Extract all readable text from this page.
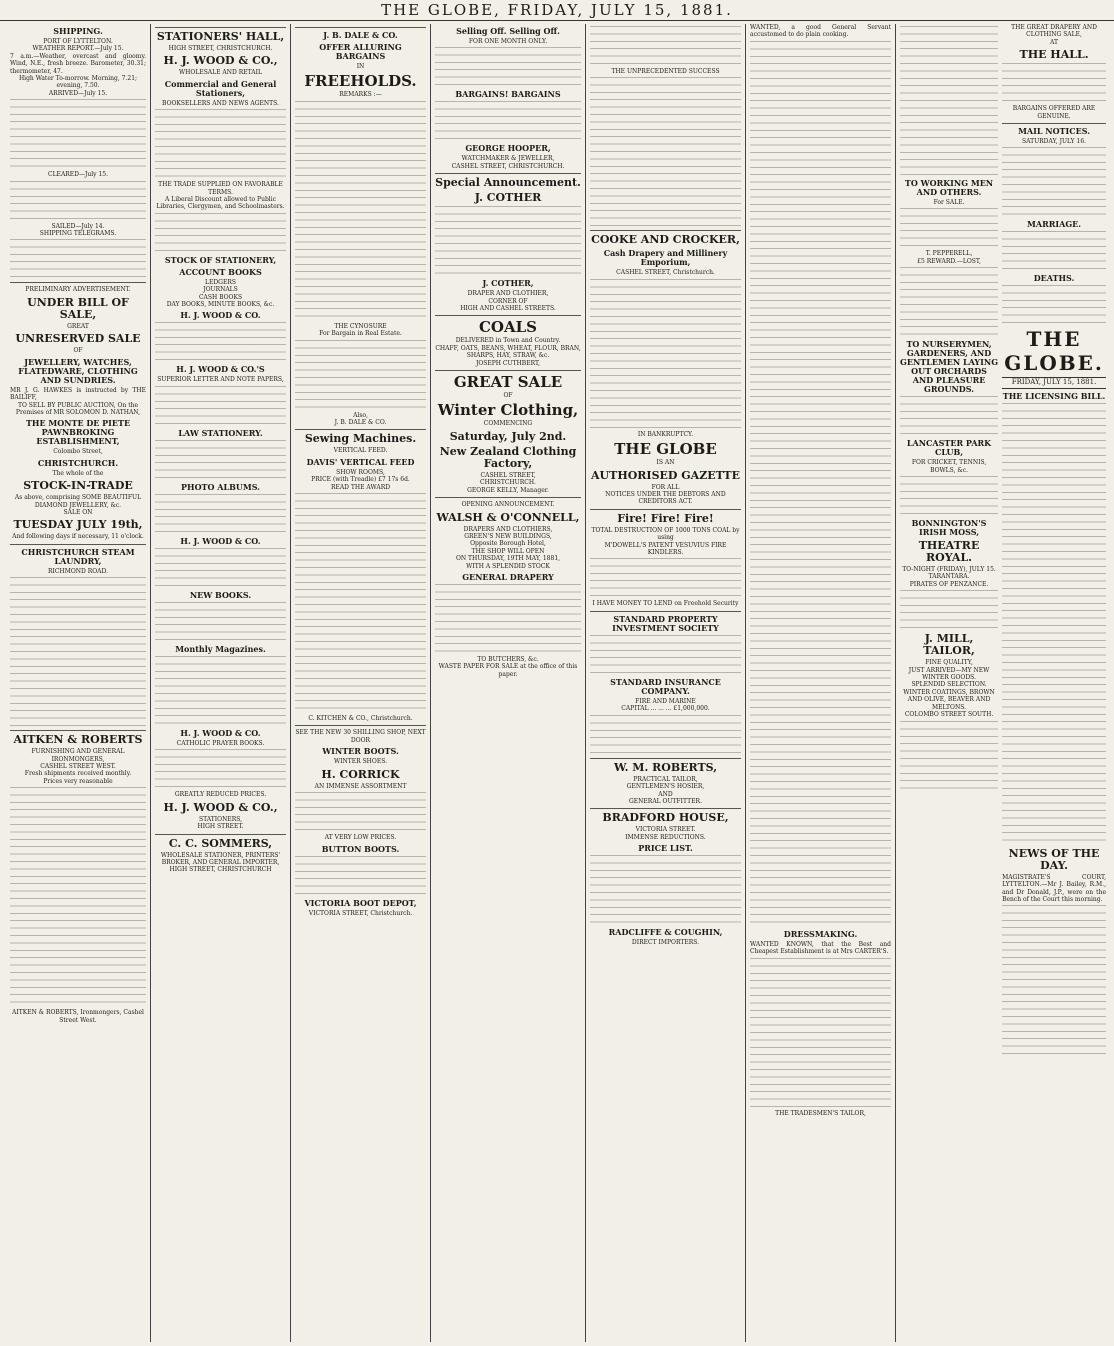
THE GLOBE, FRIDAY, JULY 15, 1881.
SHIPPING.
PORT OF LYTTELTON.
WEATHER REPORT.—July 15.
7 a.m.—Weather, overcast and gloomy. Wind, N.E., fresh breeze. Barometer, 30.31; thermometer, 47.
High Water To-morrow. Morning, 7.21; evening, 7.50.
ARRIVED—July 15.
CLEARED—July 15.
SAILED—July 14.
SHIPPING TELEGRAMS.
PRELIMINARY ADVERTISEMENT.
UNDER BILL OF SALE,
GREAT
UNRESERVED SALE
OF
JEWELLERY, WATCHES, FLATEDWARE, CLOTHING AND SUNDRIES.
MR J. G. HAWKES is instructed by THE BAILIFF,
TO SELL BY PUBLIC AUCTION, On the Premises of MR SOLOMON D. NATHAN,
THE MONTE DE PIETE PAWNBROKING ESTABLISHMENT,
Colombo Street,
CHRISTCHURCH.
The whole of the
STOCK-IN-TRADE
As above, comprising SOME BEAUTIFUL DIAMOND JEWELLERY, &c.
SALE ON
TUESDAY JULY 19th,
And following days if necessary, 11 o'clock.
CHRISTCHURCH STEAM LAUNDRY,
RICHMOND ROAD.
AITKEN & ROBERTS
FURNISHING AND GENERAL IRONMONGERS,
CASHEL STREET WEST.
Fresh shipments received monthly.
Prices very reasonable
AITKEN & ROBERTS, Ironmongers, Cashel Street West.
STATIONERS' HALL,
HIGH STREET, CHRISTCHURCH.
H. J. WOOD & CO.,
WHOLESALE AND RETAIL
Commercial and General Stationers,
BOOKSELLERS AND NEWS AGENTS.
THE TRADE SUPPLIED ON FAVORABLE TERMS.
A Liberal Discount allowed to Public Libraries, Clergymen, and Schoolmasters.
STOCK OF STATIONERY,
ACCOUNT BOOKS
LEDGERS
JOURNALS
CASH BOOKS
DAY BOOKS, MINUTE BOOKS, &c.
H. J. WOOD & CO.
H. J. WOOD & CO.'S
SUPERIOR LETTER AND NOTE PAPERS,
LAW STATIONERY.
PHOTO ALBUMS.
H. J. WOOD & CO.
NEW BOOKS.
Monthly Magazines.
H. J. WOOD & CO.
CATHOLIC PRAYER BOOKS.
GREATLY REDUCED PRICES.
H. J. WOOD & CO.,
STATIONERS,
HIGH STREET.
C. C. SOMMERS,
WHOLESALE STATIONER, PRINTERS' BROKER, AND GENERAL IMPORTER,
HIGH STREET, CHRISTCHURCH
J. B. DALE & CO.
OFFER ALLURING BARGAINS
IN
FREEHOLDS.
REMARKS :—
THE CYNOSURE
For Bargain in Real Estate.
Also,
J. B. DALE & CO.
Sewing Machines.
VERTICAL FEED.
DAVIS' VERTICAL FEED
SHOW ROOMS,
PRICE (with Treadle) £7 17s 6d.
READ THE AWARD
C. KITCHEN & CO., Christchurch.
SEE THE NEW 30 SHILLING SHOP, NEXT DOOR
WINTER BOOTS.
WINTER SHOES.
H. CORRICK
AN IMMENSE ASSORTMENT
AT VERY LOW PRICES.
BUTTON BOOTS.
VICTORIA BOOT DEPOT,
VICTORIA STREET, Christchurch.
Selling Off. Selling Off.
FOR ONE MONTH ONLY.
BARGAINS! BARGAINS
GEORGE HOOPER,
WATCHMAKER & JEWELLER,
CASHEL STREET, CHRISTCHURCH.
Special Announcement.
J. COTHER
J. COTHER,
DRAPER AND CLOTHIER,
CORNER OF
HIGH AND CASHEL STREETS.
COALS
DELIVERED in Town and Country.
CHAFF, OATS, BEANS, WHEAT, FLOUR, BRAN, SHARPS, HAY, STRAW, &c.
JOSEPH CUTHBERT,
GREAT SALE
OF
Winter Clothing,
COMMENCING
Saturday, July 2nd.
New Zealand Clothing Factory,
CASHEL STREET,
CHRISTCHURCH.
GEORGE KELLY, Manager.
OPENING ANNOUNCEMENT.
WALSH & O'CONNELL,
DRAPERS AND CLOTHIERS,
GREEN'S NEW BUILDINGS,
Opposite Borough Hotel,
THE SHOP WILL OPEN
ON THURSDAY, 19TH MAY, 1881,
WITH A SPLENDID STOCK
GENERAL DRAPERY
TO BUTCHERS, &c.
WASTE PAPER FOR SALE at the office of this paper.
THE UNPRECEDENTED SUCCESS
COOKE AND CROCKER,
Cash Drapery and Millinery Emporium,
CASHEL STREET, Christchurch.
IN BANKRUPTCY.
THE GLOBE
IS AN
AUTHORISED GAZETTE
FOR ALL
NOTICES UNDER THE DEBTORS AND CREDITORS ACT.
Fire! Fire! Fire!
TOTAL DESTRUCTION OF 1000 TONS COAL by using
M'DOWELL'S PATENT VESUVIUS FIRE KINDLERS.
I HAVE MONEY TO LEND on Freehold Security
STANDARD PROPERTY INVESTMENT SOCIETY
STANDARD INSURANCE COMPANY.
FIRE AND MARINE
CAPITAL ... ... ... £1,000,000.
W. M. ROBERTS,
PRACTICAL TAILOR,
GENTLEMEN'S HOSIER,
AND
GENERAL OUTFITTER.
BRADFORD HOUSE,
VICTORIA STREET.
IMMENSE REDUCTIONS.
PRICE LIST.
RADCLIFFE & COUGHIN,
DIRECT IMPORTERS.
WANTED, a good General Servant accustomed to do plain cooking.
DRESSMAKING.
WANTED KNOWN, that the Best and Cheapest Establishment is at Mrs CARTER'S.
THE TRADESMEN'S TAILOR,
TO WORKING MEN AND OTHERS.
For SALE.
T. PEPPERELL,
£5 REWARD.—LOST,
TO NURSERYMEN, GARDENERS, AND GENTLEMEN LAYING OUT ORCHARDS AND PLEASURE GROUNDS.
LANCASTER PARK CLUB,
FOR CRICKET, TENNIS, BOWLS, &c.
BONNINGTON'S IRISH MOSS,
THEATRE ROYAL.
TO-NIGHT (FRIDAY), JULY 15.
TARANTARA.
PIRATES OF PENZANCE.
J. MILL, TAILOR,
FINE QUALITY,
JUST ARRIVED—MY NEW WINTER GOODS.
SPLENDID SELECTION.
WINTER COATINGS, BROWN AND OLIVE, BEAVER AND MELTONS.
COLOMBO STREET SOUTH.
THE GREAT DRAPERY AND CLOTHING SALE,
AT
THE HALL.
BARGAINS OFFERED ARE GENUINE.
MAIL NOTICES.
SATURDAY, JULY 16.
MARRIAGE.
DEATHS.
THE GLOBE.
FRIDAY, JULY 15, 1881.
THE LICENSING BILL.
NEWS OF THE DAY.
MAGISTRATE'S COURT, LYTTELTON.—Mr J. Bailey, R.M., and Dr Donald, J.P., were on the Bench of the Court this morning.
